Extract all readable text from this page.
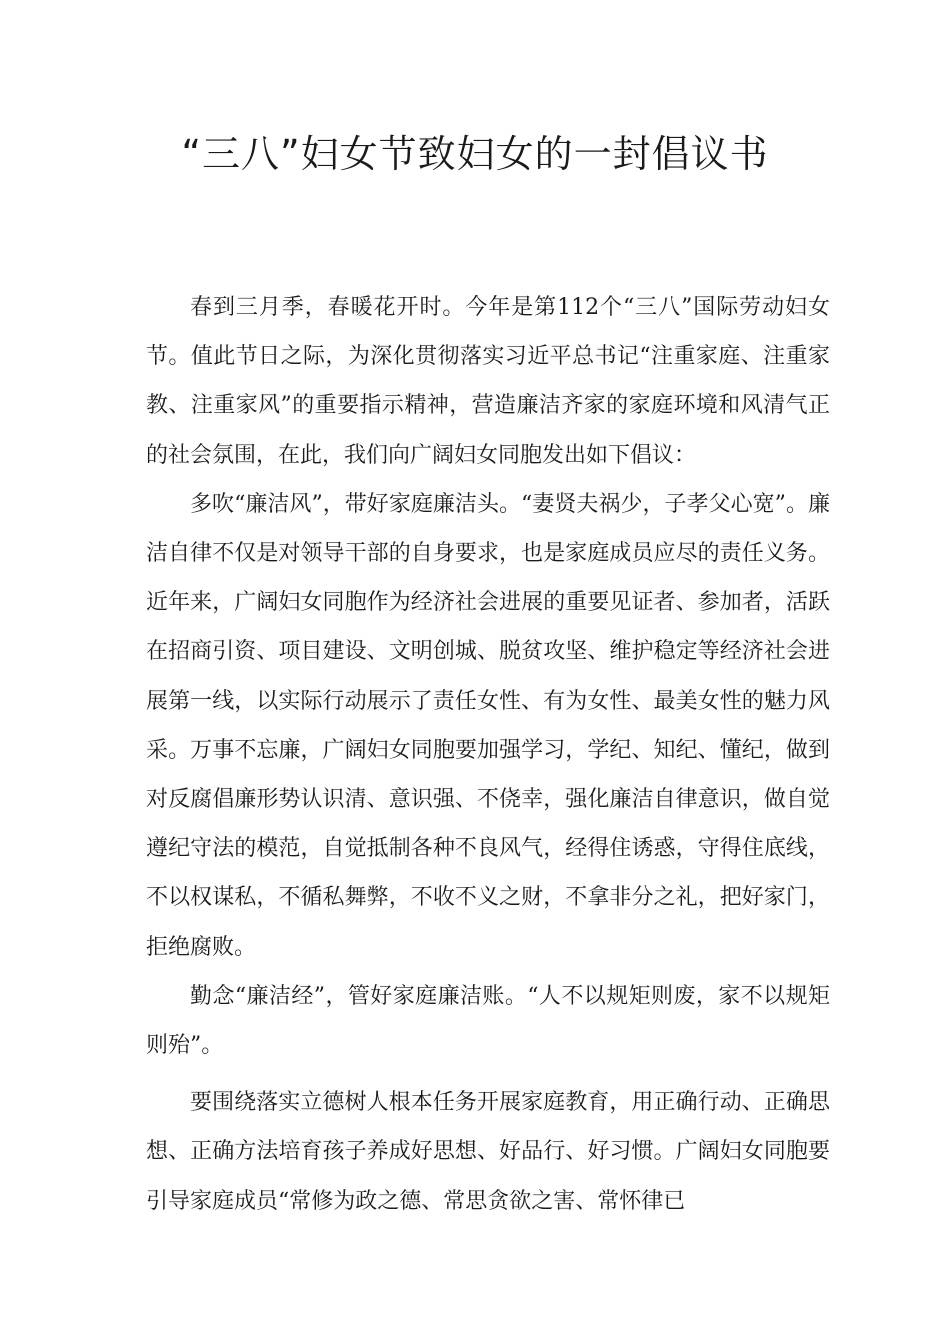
“三八”妇女节致妇女的一封倡议书

春到三月季，春暖花开时。今年是第112个“三八”国际劳动妇女节。值此节日之际，为深化贯彻落实习近平总书记“注重家庭、注重家教、注重家风”的重要指示精神，营造廉洁齐家的家庭环境和风清气正的社会氛围，在此，我们向广阔妇女同胞发出如下倡议：

多吹“廉洁风”，带好家庭廉洁头。“妻贤夫祸少，子孝父心宽”。廉洁自律不仅是对领导干部的自身要求，也是家庭成员应尽的责任义务。近年来，广阔妇女同胞作为经济社会进展的重要见证者、参加者，活跃在招商引资、项目建设、文明创城、脱贫攻坚、维护稳定等经济社会进展第一线，以实际行动展示了责任女性、有为女性、最美女性的魅力风采。万事不忘廉，广阔妇女同胞要加强学习，学纪、知纪、懂纪，做到对反腐倡廉形势认识清、意识强、不侥幸，强化廉洁自律意识，做自觉遵纪守法的模范，自觉抵制各种不良风气，经得住诱惑，守得住底线，不以权谋私，不循私舞弊，不收不义之财，不拿非分之礼，把好家门，拒绝腐败。

勤念“廉洁经”，管好家庭廉洁账。“人不以规矩则废，家不以规矩则殆”。

要围绕落实立德树人根本任务开展家庭教育，用正确行动、正确思想、正确方法培育孩子养成好思想、好品行、好习惯。广阔妇女同胞要引导家庭成员“常修为政之德、常思贪欲之害、常怀律已
